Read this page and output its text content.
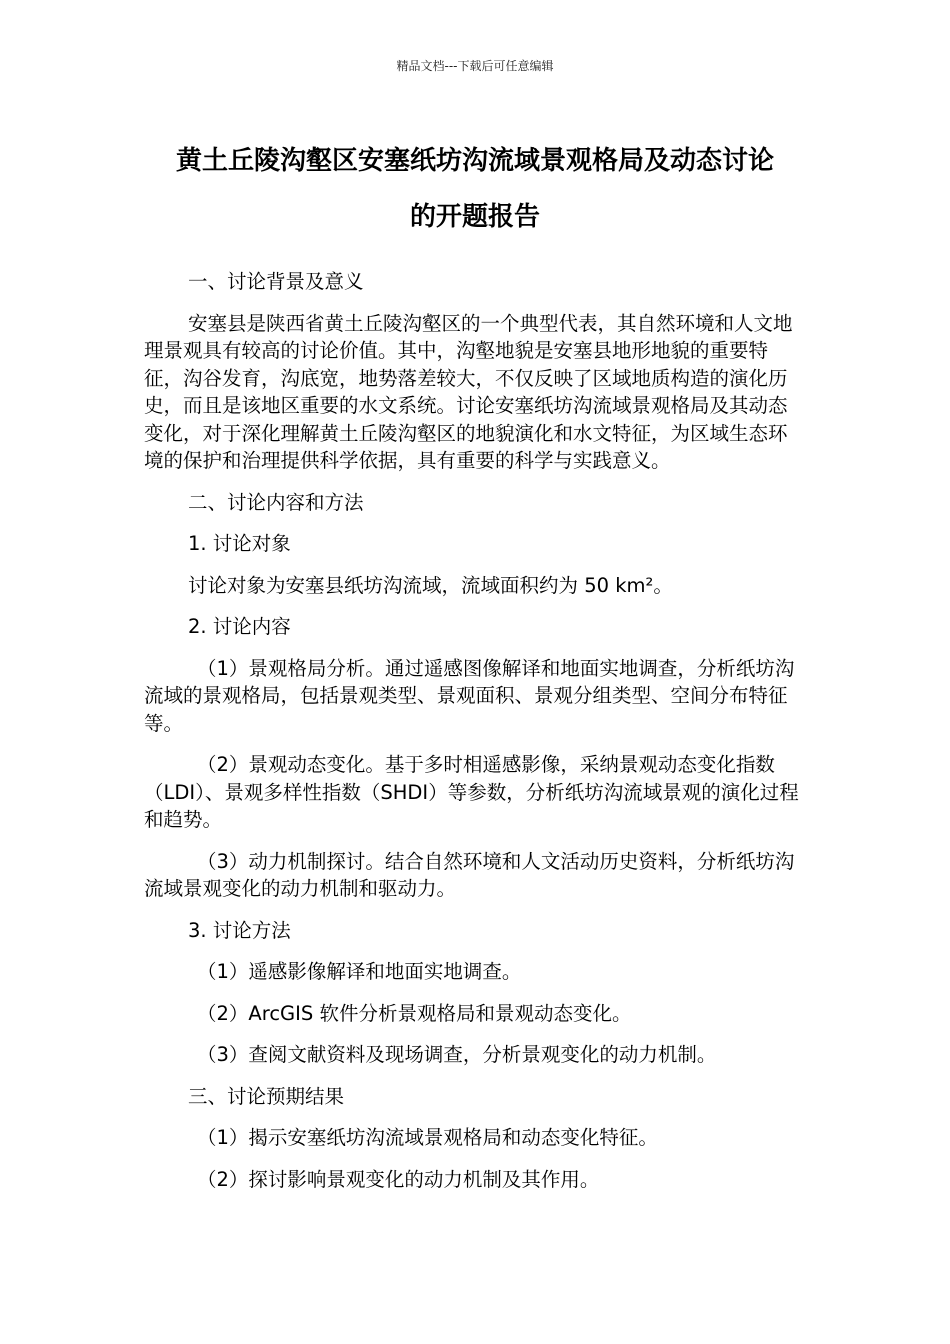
精品文档---下载后可任意编辑
黄土丘陵沟壑区安塞纸坊沟流域景观格局及动态讨论
的开题报告

一、讨论背景及意义

安塞县是陕西省黄土丘陵沟壑区的一个典型代表，其自然环境和人文地理景观具有较高的讨论价值。其中，沟壑地貌是安塞县地形地貌的重要特征，沟谷发育，沟底宽，地势落差较大，不仅反映了区域地质构造的演化历史，而且是该地区重要的水文系统。讨论安塞纸坊沟流域景观格局及其动态变化，对于深化理解黄土丘陵沟壑区的地貌演化和水文特征，为区域生态环境的保护和治理提供科学依据，具有重要的科学与实践意义。

二、讨论内容和方法

1. 讨论对象

讨论对象为安塞县纸坊沟流域，流域面积约为 50 km²。

2. 讨论内容

（1）景观格局分析。通过遥感图像解译和地面实地调查，分析纸坊沟流域的景观格局，包括景观类型、景观面积、景观分组类型、空间分布特征等。

（2）景观动态变化。基于多时相遥感影像，采纳景观动态变化指数（LDI）、景观多样性指数（SHDI）等参数，分析纸坊沟流域景观的演化过程和趋势。

（3）动力机制探讨。结合自然环境和人文活动历史资料，分析纸坊沟流域景观变化的动力机制和驱动力。

3. 讨论方法

（1）遥感影像解译和地面实地调查。

（2）ArcGIS 软件分析景观格局和景观动态变化。

（3）查阅文献资料及现场调查，分析景观变化的动力机制。

三、讨论预期结果

（1）揭示安塞纸坊沟流域景观格局和动态变化特征。

（2）探讨影响景观变化的动力机制及其作用。
